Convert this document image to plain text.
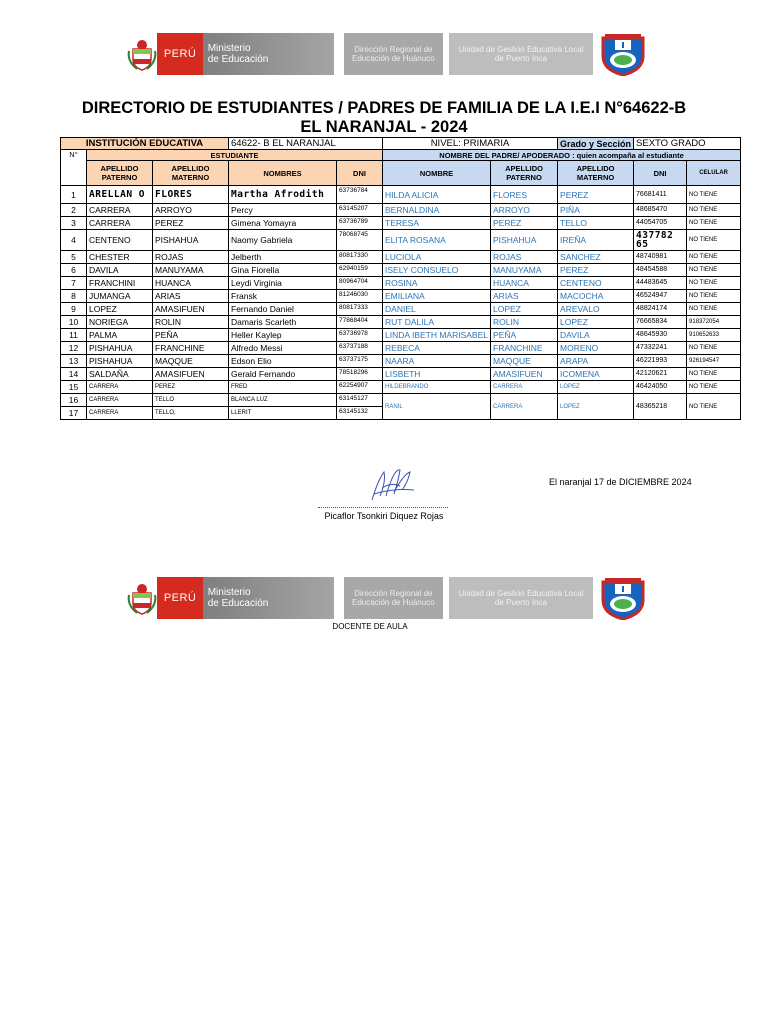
PERÚ	Ministerio
de Educación
Dirección Regional de Educación de Huánuco
Unidad de Gestión Educativa Local de Puerto Inca
DIRECTORIO DE ESTUDIANTES / PADRES DE FAMILIA DE LA I.E.I N°64622-B
EL NARANJAL - 2024
INSTITUCIÓN EDUCATIVA			64622- B EL NARANJAL		NIVEL: PRIMARIA		Grado y Sección	SEXTO GRADO	
N°	ESTUDIANTE				NOMBRE DEL PADRE/ APODERADO : quien acompaña al estudiante				
	APELLIDO PATERNO	APELLIDO MATERNO	NOMBRES	DNI	NOMBRE	APELLIDO PATERNO	APELLIDO MATERNO	DNI	CELULAR
1	ARELLAN O	FLORES	Martha Afrodith	63736784	HILDA ALICIA	FLORES	PEREZ	76681411	NO TIENE
2	CARRERA	ARROYO	Percy	63145207	BERNALDINA	ARROYO	PIÑA	48685470	NO TIENE
3	CARRERA	PEREZ	Gimena Yomayra	63736789	TERESA	PEREZ	TELLO	44054705	NO TIENE
4	CENTENO	PISHAHUA	Naomy Gabriela	78068745	ELITA ROSANA	PISHAHUA	IREÑA	437782 65	NO TIENE
5	CHESTER	ROJAS	Jelberth	80817330	LUCIOLA	ROJAS	SANCHEZ	48740981	NO TIENE
6	DAVILA	MANUYAMA	Gina Fiorella	62940159	ISELY CONSUELO	MANUYAMA	PEREZ	48454588	NO TIENE
7	FRANCHINI	HUANCA	Leydi Virginia	80964704	ROSINA	HUANCA	CENTENO	44483645	NO TIENE
8	JUMANGA	ARIAS	Fransk	81246030	EMILIANA	ARIAS	MACOCHA	46524947	NO TIENE
9	LOPEZ	AMASIFUEN	Fernando Daniel	80817333	DANIEL	LOPEZ	AREVALO	48824174	NO TIENE
10	NORIEGA	ROLIN	Damaris Scarleth	77868404	RUT DALILA	ROLIN	LOPEZ	76665834	918372054
11	PALMA	PEÑA	Heller Kaylep	63736978	LINDA IBETH MARISABEL	PEÑA	DAVILA	48645930	910652633
12	PISHAHUA	FRANCHINE	Alfredo Messi	63737188	REBECA	FRANCHINE	MORENO	47332241	NO TIENE
13	PISHAHUA	MAQQUE	Edson Elio	63737175	NAARA	MAQQUE	ARAPA	46221993	926194547
14	SALDAÑA	AMASIFUEN	Gerald Fernando	78518296	LISBETH	AMASIFUEN	ICOMENA	42120621	NO TIENE
15	CARRERA	PEREZ	FRED	62254907	HILDEBRANDO	CARRERA	LOPEZ	46424050	NO TIENE
16	CARRERA	TELLO	BLANCA LUZ	63145127	RANIL	CARRERA	LOPEZ	48365218	NO TIENE
17	CARRERA	TELLO,	LLERIT	63145132					
Picaflor Tsonkiri Diquez Rojas
El naranjal 17 de DICIEMBRE 2024
PERÚ	Ministerio
de Educación
Dirección Regional de Educación de Huánuco
Unidad de Gestión Educativa Local de Puerto Inca
DOCENTE DE AULA
